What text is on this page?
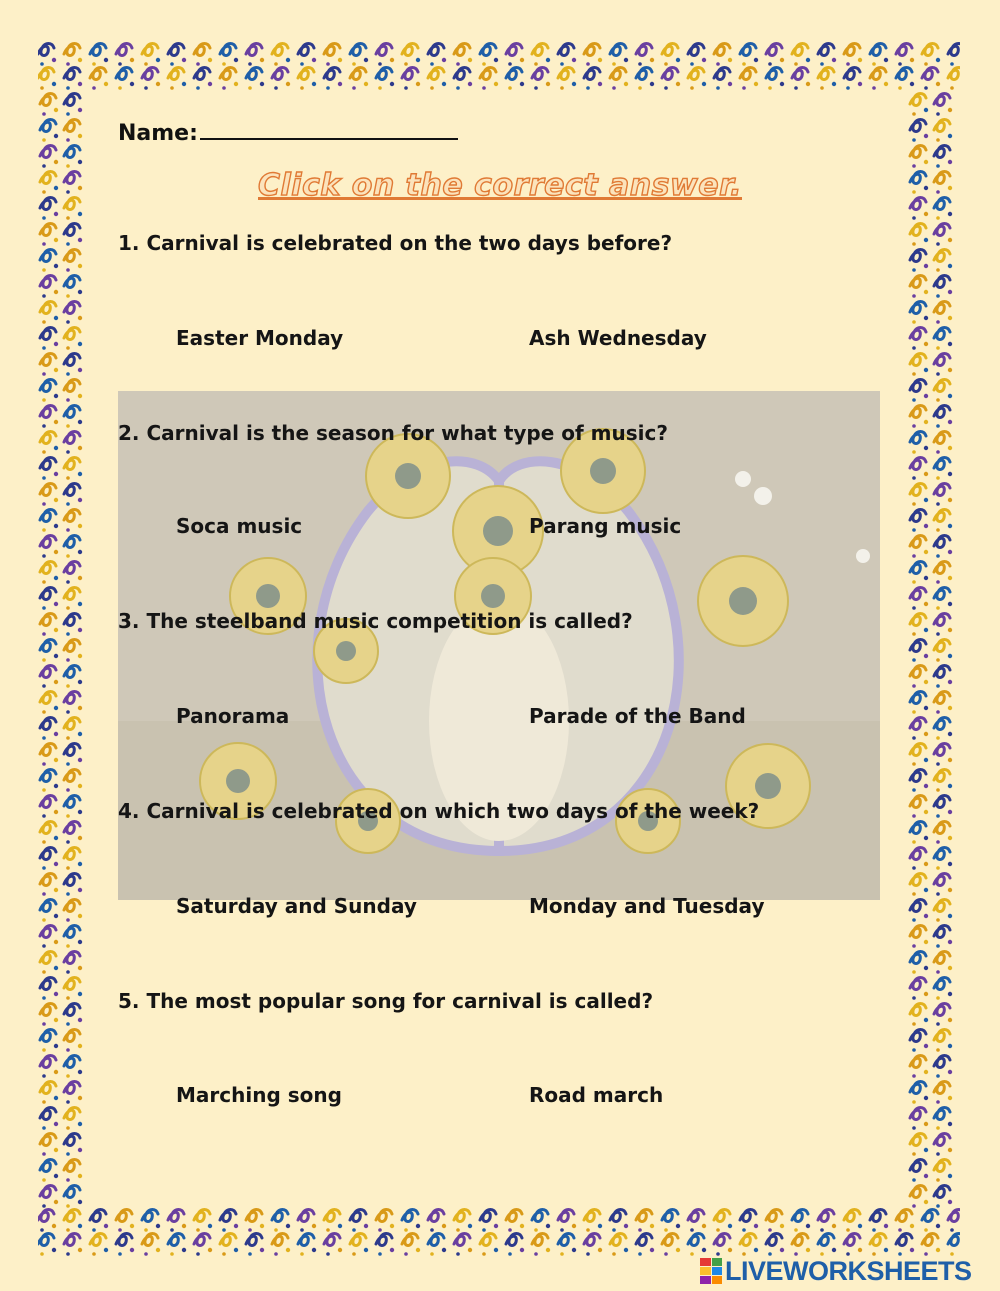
Name:
Click on the correct answer.
1. Carnival is celebrated on the two days before?
Easter Monday	Ash Wednesday
2. Carnival is the season for what type of music?
Soca music	Parang music
3. The steelband music competition is called?
Panorama	Parade of the Band
4. Carnival is celebrated on which two days of the week?
Saturday and Sunday	Monday and Tuesday
5. The most popular song for carnival is called?
Marching song	Road march
LIVEWORKSHEETS
